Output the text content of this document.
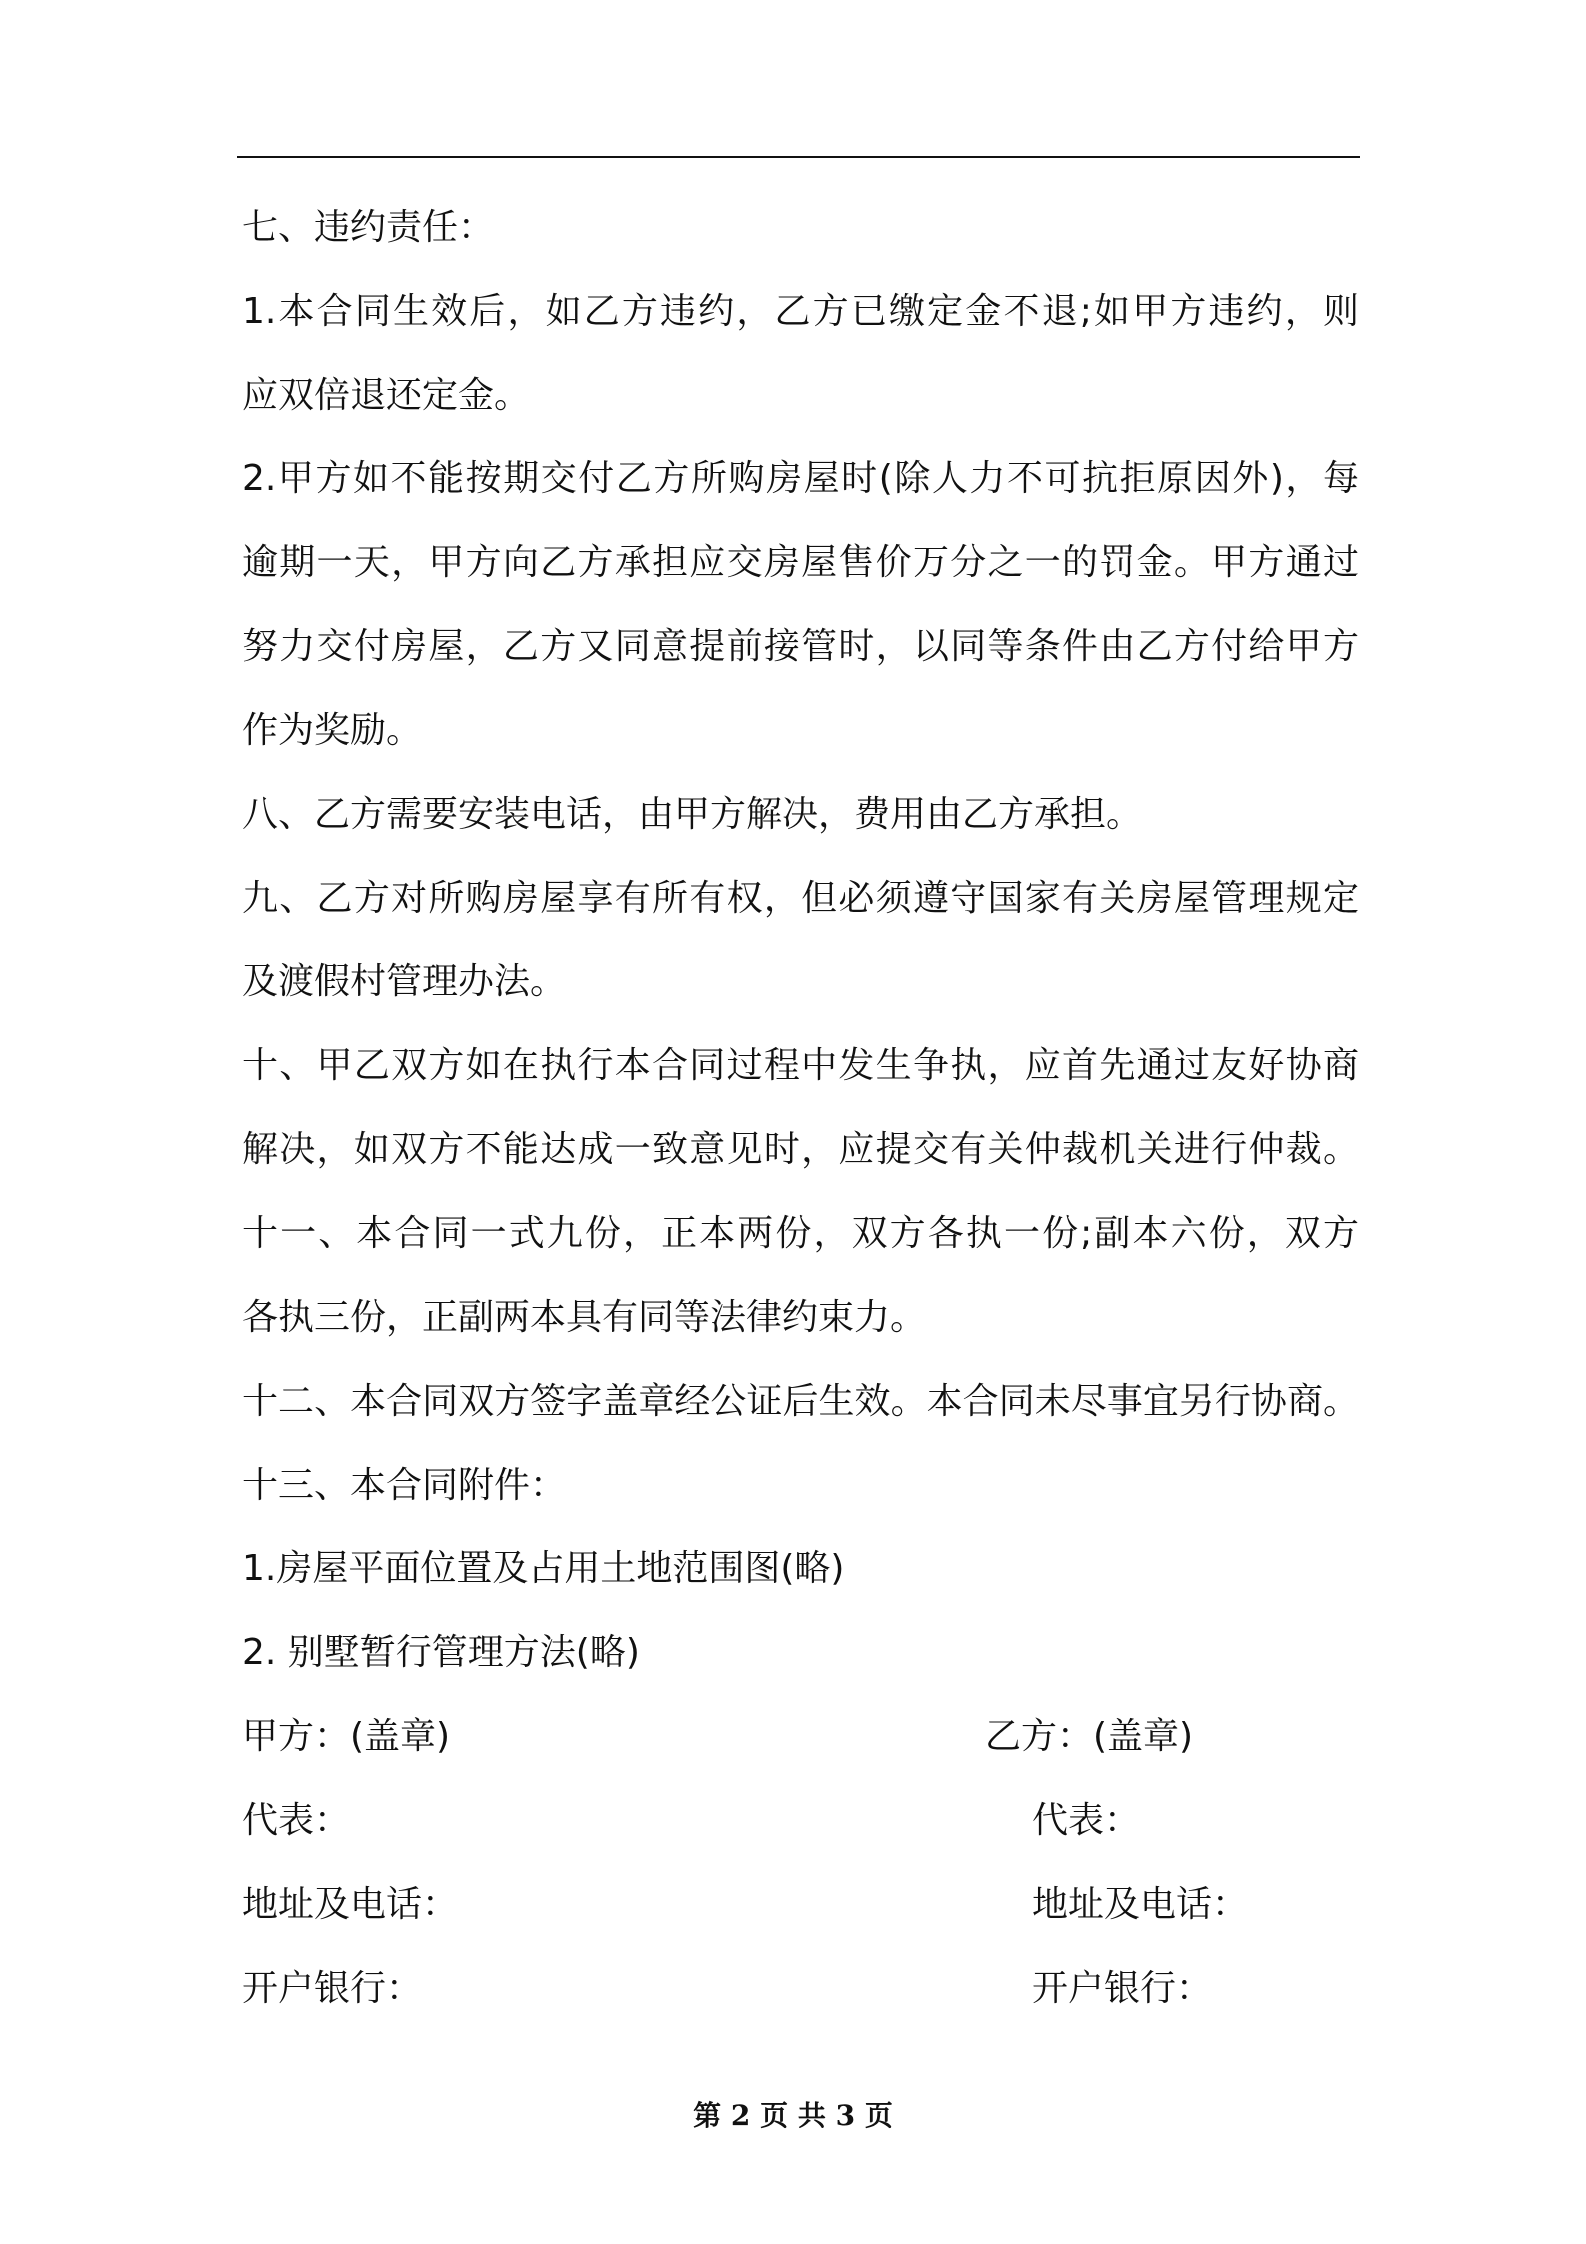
七、违约责任：
1.本合同生效后，如乙方违约，乙方已缴定金不退;如甲方违约，则
应双倍退还定金。
2.甲方如不能按期交付乙方所购房屋时(除人力不可抗拒原因外)，每
逾期一天，甲方向乙方承担应交房屋售价万分之一的罚金。甲方通过
努力交付房屋，乙方又同意提前接管时，以同等条件由乙方付给甲方
作为奖励。
八、乙方需要安装电话，由甲方解决，费用由乙方承担。
九、乙方对所购房屋享有所有权，但必须遵守国家有关房屋管理规定
及渡假村管理办法。
十、甲乙双方如在执行本合同过程中发生争执，应首先通过友好协商
解决，如双方不能达成一致意见时，应提交有关仲裁机关进行仲裁。
十一、本合同一式九份，正本两份，双方各执一份;副本六份，双方
各执三份，正副两本具有同等法律约束力。
十二、本合同双方签字盖章经公证后生效。本合同未尽事宜另行协商。
十三、本合同附件：
1.房屋平面位置及占用土地范围图(略)
2. 别墅暂行管理方法(略)
甲方：(盖章)	乙方：(盖章)
代表：	代表：
地址及电话：	地址及电话：
开户银行：	开户银行：
第 2 页 共 3 页
